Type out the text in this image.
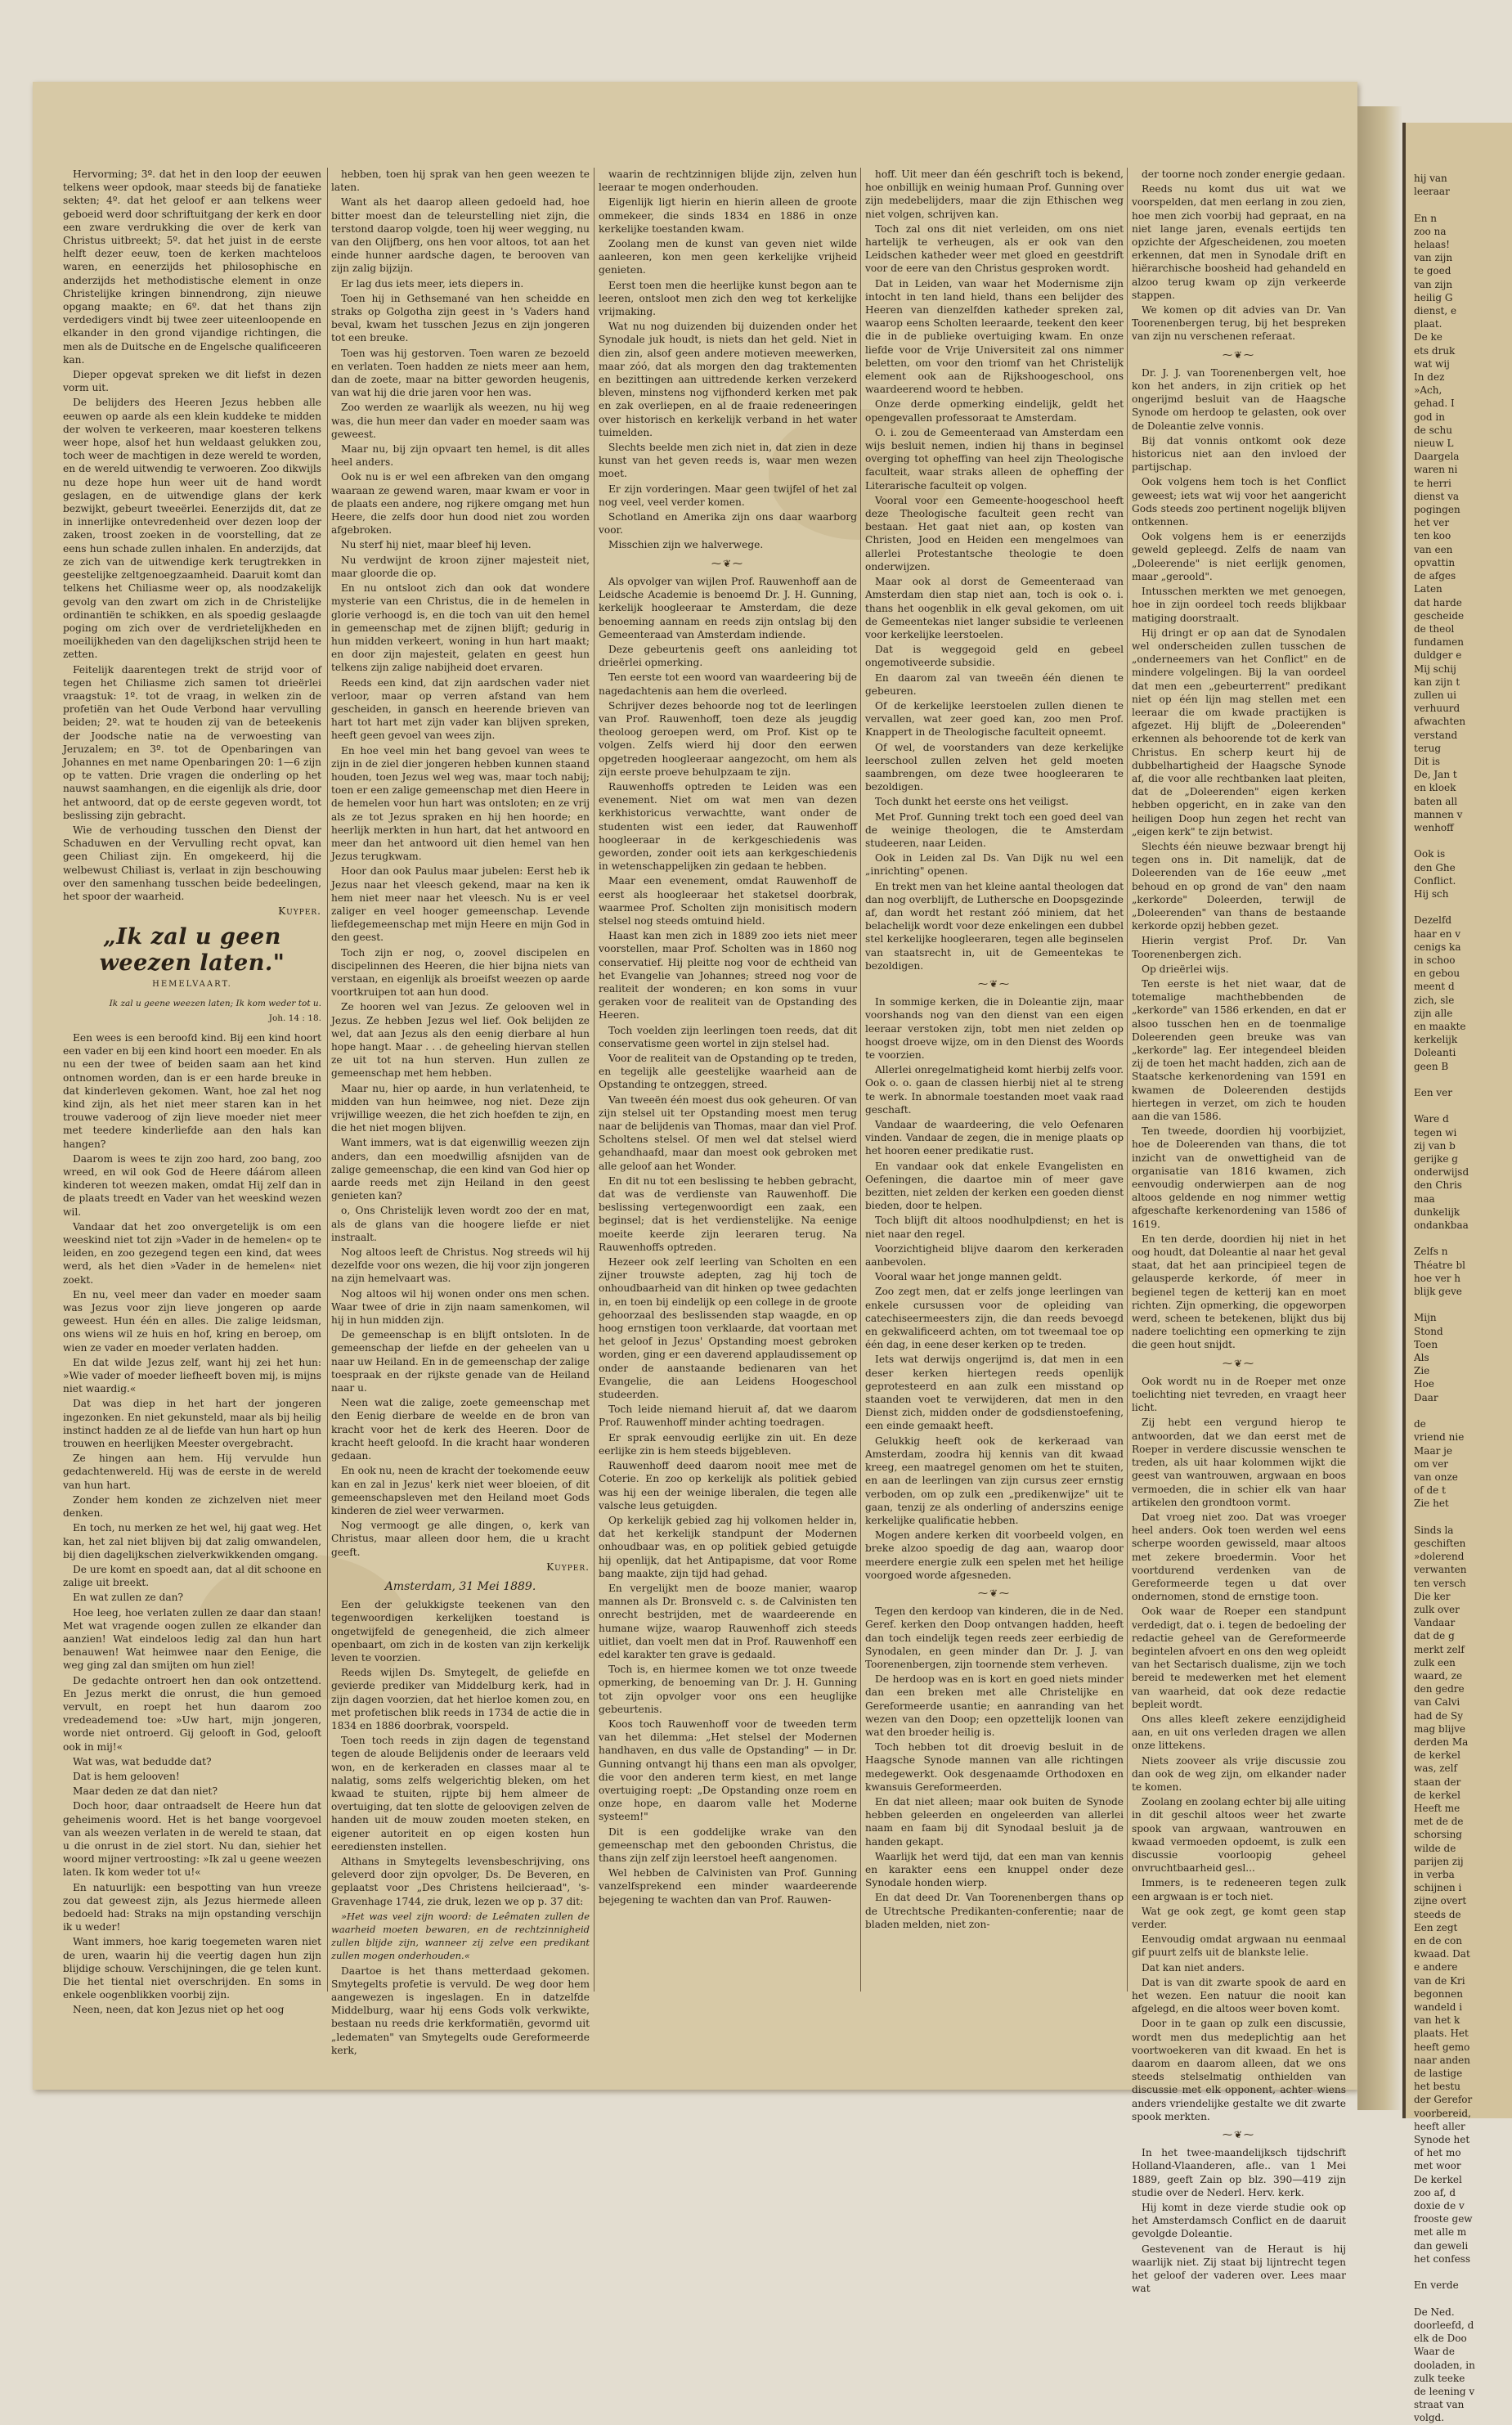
hij van
leeraar

En n
zoo na
helaas!
van zijn
te goed
van zijn
heilig G
dienst, e
plaat.
De ke
ets druk
wat wij
In dez
»Ach,
gehad. I
god in
de schu
nieuw L
Daargela
waren ni
te herri
dienst va
pogingen
het ver
ten koo
van een
opvattin
de afges
Laten
dat harde
gescheide
de theol
fundamen
duldger e
Mij schij
kan zijn t
zullen ui
verhuurd
afwachten
verstand
terug
Dit is
De, Jan t
en kloek
baten all
mannen v
wenhoff

Ook is
den Ghe
Conflict.
Hij sch

Dezelfd
haar en v
cenigs ka
in schoo
en gebou
meent d
zich, sle
zijn alle
en maakte
kerkelijk
Doleanti
geen B

Een ver

Ware d
tegen wi
zij van b
gerijke g
onderwijsd
den Chris
maa
dunkelijk
ondankbaa

Zelfs n
Théatre bl
hoe ver h
blijk geve

Mijn
Stond
Toen
Als
Zie
Hoe
Daar

de
vriend nie
Maar je
om ver
van onze
of de t
Zie het

Sinds la
geschiften
»dolerend
verwanten
ten versch
Die ker
zulk over
Vandaar
dat de g
merkt zelf
zulk een
waard, ze
den gedre
van Calvi
had de Sy
mag blijve
derden Ma
de kerkel
was, zelf
staan der
de kerkel
Heeft me
met de de
schorsing
wilde de
parijen zij
in verba
schijnen i
zijne overt
steeds de
Een zegt
en de con
kwaad. Dat
e andere
van de Kri
begonnen
wandeld i
van het k
plaats. Het
heeft gemo
naar anden
de lastige
het bestu
der Gerefor
voorbereid,
heeft aller
Synode het
of het mo
met woor
De kerkel
zoo af, d
doxie de v
frooste gew
met alle m
dan geweli
het confess

En verde

De Ned.
doorleefd, d
elk de Doo
Waar de
dooladen, in
zulk teeke
de leening v
straat van
volgd.

Hervorming; 3º. dat het in den loop der eeuwen telkens weer opdook, maar steeds bij de fanatieke sekten; 4º. dat het geloof er aan telkens weer geboeid werd door schriftuitgang der kerk en door een zware verdrukking die over de kerk van Christus uitbreekt; 5º. dat het juist in de eerste helft dezer eeuw, toen de kerken machteloos waren, en eenerzijds het philosophische en anderzijds het methodistische element in onze Christelijke kringen binnendrong, zijn nieuwe opgang maakte; en 6º. dat het thans zijn verdedigers vindt bij twee zeer uiteenloopende en elkander in den grond vijandige richtingen, die men als de Duitsche en de Engelsche qualificeeren kan.

Dieper opgevat spreken we dit liefst in dezen vorm uit.

De belijders des Heeren Jezus hebben alle eeuwen op aarde als een klein kuddeke te midden der wolven te verkeeren, maar koesteren telkens weer hope, alsof het hun weldaast gelukken zou, toch weer de machtigen in deze wereld te worden, en de wereld uitwendig te verwoeren. Zoo dikwijls nu deze hope hun weer uit de hand wordt geslagen, en de uitwendige glans der kerk bezwijkt, gebeurt tweeërlei. Eenerzijds dit, dat ze in innerlijke ontevredenheid over dezen loop der zaken, troost zoeken in de voorstelling, dat ze eens hun schade zullen inhalen. En anderzijds, dat ze zich van de uitwendige kerk terugtrekken in geestelijke zeltgenoegzaamheid. Daaruit komt dan telkens het Chiliasme weer op, als noodzakelijk gevolg van den zwart om zich in de Christelijke ordinantiën te schikken, en als spoedig geslaagde poging om zich over de verdrietelijkheden en moeilijkheden van den dagelijkschen strijd heen te zetten.

Feitelijk daarentegen trekt de strijd voor of tegen het Chiliasme zich samen tot drieërlei vraagstuk: 1º. tot de vraag, in welken zin de profetiën van het Oude Verbond haar vervulling beiden; 2º. wat te houden zij van de beteekenis der Joodsche natie na de verwoesting van Jeruzalem; en 3º. tot de Openbaringen van Johannes en met name Openbaringen 20: 1—6 zijn op te vatten. Drie vragen die onderling op het nauwst saamhangen, en die eigenlijk als drie, door het antwoord, dat op de eerste gegeven wordt, tot beslissing zijn gebracht.

Wie de verhouding tusschen den Dienst der Schaduwen en der Vervulling recht opvat, kan geen Chiliast zijn. En omgekeerd, hij die welbewust Chiliast is, verlaat in zijn beschouwing over den samenhang tusschen beide bedeelingen, het spoor der waarheid.

Kuyper.
„Ik zal u geen weezen laten."
HEMELVAART.
Ik zal u geene weezen laten; Ik kom weder tot u.
Joh. 14 : 18.

Een wees is een beroofd kind. Bij een kind hoort een vader en bij een kind hoort een moeder. En als nu een der twee of beiden saam aan het kind ontnomen worden, dan is er een harde breuke in dat kinderleven gekomen. Want, hoe zal het nog kind zijn, als het niet meer staren kan in het trouwe vaderoog of zijn lieve moeder niet meer met teedere kinderliefde aan den hals kan hangen?

Daarom is wees te zijn zoo hard, zoo bang, zoo wreed, en wil ook God de Heere dáárom alleen kinderen tot weezen maken, omdat Hij zelf dan in de plaats treedt en Vader van het weeskind wezen wil.

Vandaar dat het zoo onvergetelijk is om een weeskind niet tot zijn »Vader in de hemelen« op te leiden, en zoo gezegend tegen een kind, dat wees werd, als het dien »Vader in de hemelen« niet zoekt.

En nu, veel meer dan vader en moeder saam was Jezus voor zijn lieve jongeren op aarde geweest. Hun één en alles. Die zalige leidsman, ons wiens wil ze huis en hof, kring en beroep, om wien ze vader en moeder verlaten hadden.

En dat wilde Jezus zelf, want hij zei het hun: »Wie vader of moeder liefheeft boven mij, is mijns niet waardig.«

Dat was diep in het hart der jongeren ingezonken. En niet gekunsteld, maar als bij heilig instinct hadden ze al de liefde van hun hart op hun trouwen en heerlijken Meester overgebracht.

Ze hingen aan hem. Hij vervulde hun gedachtenwereld. Hij was de eerste in de wereld van hun hart.

Zonder hem konden ze zichzelven niet meer denken.

En toch, nu merken ze het wel, hij gaat weg. Het kan, het zal niet blijven bij dat zalig omwandelen, bij dien dagelijkschen zielverkwikkenden omgang.

De ure komt en spoedt aan, dat al dit schoone en zalige uit breekt.

En wat zullen ze dan?

Hoe leeg, hoe verlaten zullen ze daar dan staan! Met wat vragende oogen zullen ze elkander dan aanzien! Wat eindeloos ledig zal dan hun hart benauwen! Wat heimwee naar den Eenige, die weg ging zal dan smijten om hun ziel!

De gedachte ontroert hen dan ook ontzettend. En Jezus merkt die onrust, die hun gemoed vervult, en roept het hun daarom zoo vredeademend toe: »Uw hart, mijn jongeren, worde niet ontroerd. Gij gelooft in God, gelooft ook in mij!«

Wat was, wat bedudde dat?

Dat is hem gelooven!

Maar deden ze dat dan niet?

Doch hoor, daar ontraadselt de Heere hun dat geheimenis woord. Het is het bange voorgevoel van als weezen verlaten in de wereld te staan, dat u die onrust in de ziel stort. Nu dan, siehier het woord mijner vertroosting: »Ik zal u geene weezen laten. Ik kom weder tot u!«

En natuurlijk: een bespotting van hun vreeze zou dat geweest zijn, als Jezus hiermede alleen bedoeld had: Straks na mijn opstanding verschijn ik u weder!

Want immers, hoe karig toegemeten waren niet de uren, waarin hij die veertig dagen hun zijn blijdige schouw. Verschijningen, die ge telen kunt. Die het tiental niet overschrijden. En soms in enkele oogenblikken voorbij zijn.

Neen, neen, dat kon Jezus niet op het oog

hebben, toen hij sprak van hen geen weezen te laten.

Want als het daarop alleen gedoeld had, hoe bitter moest dan de teleurstelling niet zijn, die terstond daarop volgde, toen hij weer wegging, nu van den Olijfberg, ons hen voor altoos, tot aan het einde hunner aardsche dagen, te berooven van zijn zalig bijzijn.

Er lag dus iets meer, iets diepers in.

Toen hij in Gethsemané van hen scheidde en straks op Golgotha zijn geest in 's Vaders hand beval, kwam het tusschen Jezus en zijn jongeren tot een breuke.

Toen was hij gestorven. Toen waren ze bezoeld en verlaten. Toen hadden ze niets meer aan hem, dan de zoete, maar na bitter geworden heugenis, van wat hij die drie jaren voor hen was.

Zoo werden ze waarlijk als weezen, nu hij weg was, die hun meer dan vader en moeder saam was geweest.

Maar nu, bij zijn opvaart ten hemel, is dit alles heel anders.

Ook nu is er wel een afbreken van den omgang waaraan ze gewend waren, maar kwam er voor in de plaats een andere, nog rijkere omgang met hun Heere, die zelfs door hun dood niet zou worden afgebroken.

Nu sterf hij niet, maar bleef hij leven.

Nu verdwijnt de kroon zijner majesteit niet, maar gloorde die op.

En nu ontsloot zich dan ook dat wondere mysterie van een Christus, die in de hemelen in glorie verhoogd is, en die toch van uit den hemel in gemeenschap met de zijnen blijft; gedurig in hun midden verkeert, woning in hun hart maakt; en door zijn majesteit, gelaten en geest hun telkens zijn zalige nabijheid doet ervaren.

Reeds een kind, dat zijn aardschen vader niet verloor, maar op verren afstand van hem gescheiden, in gansch en heerende brieven van hart tot hart met zijn vader kan blijven spreken, heeft geen gevoel van wees zijn.

En hoe veel min het bang gevoel van wees te zijn in de ziel dier jongeren hebben kunnen staand houden, toen Jezus wel weg was, maar toch nabij; toen er een zalige gemeenschap met dien Heere in de hemelen voor hun hart was ontsloten; en ze vrij als ze tot Jezus spraken en hij hen hoorde; en heerlijk merkten in hun hart, dat het antwoord en meer dan het antwoord uit dien hemel van hen Jezus terugkwam.

Hoor dan ook Paulus maar jubelen: Eerst heb ik Jezus naar het vleesch gekend, maar na ken ik hem niet meer naar het vleesch. Nu is er veel zaliger en veel hooger gemeenschap. Levende liefdegemeenschap met mijn Heere en mijn God in den geest.

Toch zijn er nog, o, zoovel discipelen en discipelinnen des Heeren, die hier bijna niets van verstaan, en eigenlijk als broeifst weezen op aarde voortkruipen tot aan hun dood.

Ze hooren wel van Jezus. Ze gelooven wel in Jezus. Ze hebben Jezus wel lief. Ook belijden ze wel, dat aan Jezus als den eenig dierbare al hun hope hangt. Maar . . . de geheeling hiervan stellen ze uit tot na hun sterven. Hun zullen ze gemeenschap met hem hebben.

Maar nu, hier op aarde, in hun verlatenheid, te midden van hun heimwee, nog niet. Deze zijn vrijwillige weezen, die het zich hoefden te zijn, en die het niet mogen blijven.

Want immers, wat is dat eigenwillig weezen zijn anders, dan een moedwillig afsnijden van de zalige gemeenschap, die een kind van God hier op aarde reeds met zijn Heiland in den geest genieten kan?

o, Ons Christelijk leven wordt zoo der en mat, als de glans van die hoogere liefde er niet instraalt.

Nog altoos leeft de Christus. Nog streeds wil hij dezelfde voor ons wezen, die hij voor zijn jongeren na zijn hemelvaart was.

Nog altoos wil hij wonen onder ons men schen. Waar twee of drie in zijn naam samenkomen, wil hij in hun midden zijn.

De gemeenschap is en blijft ontsloten. In de gemeenschap der liefde en der geheelen van u naar uw Heiland. En in de gemeenschap der zalige toespraak en der rijkste genade van de Heiland naar u.

Neen wat die zalige, zoete gemeenschap met den Eenig dierbare de weelde en de bron van kracht voor het de kerk des Heeren. Door de kracht heeft geloofd. In die kracht haar wonderen gedaan.

En ook nu, neen de kracht der toekomende eeuw kan en zal in Jezus' kerk niet weer bloeien, of dit gemeenschapsleven met den Heiland moet Gods kinderen de ziel weer verwarmen.

Nog vermoogt ge alle dingen, o, kerk van Christus, maar alleen door hem, die u kracht geeft.

Kuyper.
Amsterdam, 31 Mei 1889.

Een der gelukkigste teekenen van den tegenwoordigen kerkelijken toestand is ongetwijfeld de genegenheid, die zich almeer openbaart, om zich in de kosten van zijn kerkelijk leven te voorzien.

Reeds wijlen Ds. Smytegelt, de geliefde en gevierde prediker van Middelburg kerk, had in zijn dagen voorzien, dat het hierloe komen zou, en met profetischen blik reeds in 1734 de actie die in 1834 en 1886 doorbrak, voorspeld.

Toen toch reeds in zijn dagen de tegenstand tegen de aloude Belijdenis onder de leeraars veld won, en de kerkeraden en classes maar al te nalatig, soms zelfs welgerichtig bleken, om het kwaad te stuiten, rijpte bij hem almeer de overtuiging, dat ten slotte de geloovigen zelven de handen uit de mouw zouden moeten steken, en eigener autoriteit en op eigen kosten hun eerediensten instellen.

Althans in Smytegelts levensbeschrijving, ons geleverd door zijn opvolger, Ds. De Beveren, en geplaatst voor „Des Christens heilcieraad", 's-Gravenhage 1744, zie druk, lezen we op p. 37 dit:

»Het was veel zijn woord: de Leêmaten zullen de waarheid moeten bewaren, en de rechtzinnigheid zullen blijde zijn, wanneer zij zelve een predikant zullen mogen onderhouden.«

Daartoe is het thans metterdaad gekomen. Smytegelts profetie is vervuld. De weg door hem aangewezen is ingeslagen. En in datzelfde Middelburg, waar hij eens Gods volk verkwikte, bestaan nu reeds drie kerkformatiën, gevormd uit „ledematen" van Smytegelts oude Gereformeerde kerk,

waarin de rechtzinnigen blijde zijn, zelven hun leeraar te mogen onderhouden.

Eigenlijk ligt hierin en hierin alleen de groote ommekeer, die sinds 1834 en 1886 in onze kerkelijke toestanden kwam.

Zoolang men de kunst van geven niet wilde aanleeren, kon men geen kerkelijke vrijheid genieten.

Eerst toen men die heerlijke kunst begon aan te leeren, ontsloot men zich den weg tot kerkelijke vrijmaking.

Wat nu nog duizenden bij duizenden onder het Synodale juk houdt, is niets dan het geld. Niet in dien zin, alsof geen andere motieven meewerken, maar zóó, dat als morgen den dag traktementen en bezittingen aan uittredende kerken verzekerd bleven, minstens nog vijfhonderd kerken met pak en zak overliepen, en al de fraaie redeneeringen over historisch en kerkelijk verband in het water tuimelden.

Slechts beelde men zich niet in, dat zien in deze kunst van het geven reeds is, waar men wezen moet.

Er zijn vorderingen. Maar geen twijfel of het zal nog veel, veel verder komen.

Schotland en Amerika zijn ons daar waarborg voor.

Misschien zijn we halverwege.

⁓❦⁓

Als opvolger van wijlen Prof. Rauwenhoff aan de Leidsche Academie is benoemd Dr. J. H. Gunning, kerkelijk hoogleeraar te Amsterdam, die deze benoeming aannam en reeds zijn ontslag bij den Gemeenteraad van Amsterdam indiende.

Deze gebeurtenis geeft ons aanleiding tot drieërlei opmerking.

Ten eerste tot een woord van waardeering bij de nagedachtenis aan hem die overleed.

Schrijver dezes behoorde nog tot de leerlingen van Prof. Rauwenhoff, toen deze als jeugdig theoloog geroepen werd, om Prof. Kist op te volgen. Zelfs wierd hij door den eerwen opgetreden hoogleeraar aangezocht, om hem als zijn eerste proeve behulpzaam te zijn.

Rauwenhoffs optreden te Leiden was een evenement. Niet om wat men van dezen kerkhistoricus verwachtte, want onder de studenten wist een ieder, dat Rauwenhoff hoogleeraar in de kerkgeschiedenis was geworden, zonder ooit iets aan kerkgeschiedenis in wetenschappelijken zin gedaan te hebben.

Maar een evenement, omdat Rauwenhoff de eerst als hoogleeraar het staketsel doorbrak, waarmee Prof. Scholten zijn monisitisch modern stelsel nog steeds omtuind hield.

Haast kan men zich in 1889 zoo iets niet meer voorstellen, maar Prof. Scholten was in 1860 nog conservatief. Hij pleitte nog voor de echtheid van het Evangelie van Johannes; streed nog voor de realiteit der wonderen; en kon soms in vuur geraken voor de realiteit van de Opstanding des Heeren.

Toch voelden zijn leerlingen toen reeds, dat dit conservatisme geen wortel in zijn stelsel had.

Voor de realiteit van de Opstanding op te treden, en tegelijk alle geestelijke waarheid aan de Opstanding te ontzeggen, streed.

Van tweeën één moest dus ook geheuren. Of van zijn stelsel uit ter Opstanding moest men terug naar de belijdenis van Thomas, maar dan viel Prof. Scholtens stelsel. Of men wel dat stelsel wierd gehandhaafd, maar dan moest ook gebroken met alle geloof aan het Wonder.

En dit nu tot een beslissing te hebben gebracht, dat was de verdienste van Rauwenhoff. Die beslissing vertegenwoordigt een zaak, een beginsel; dat is het verdienstelijke. Na eenige moeite keerde zijn leeraren terug. Na Rauwenhoffs optreden.

Hezeer ook zelf leerling van Scholten en een zijner trouwste adepten, zag hij toch de onhoudbaarheid van dit hinken op twee gedachten in, en toen bij eindelijk op een college in de groote gehoorzaal des beslissenden stap waagde, en op hoog ernstigen toon verklaarde, dat voortaan met het geloof in Jezus' Opstanding moest gebroken worden, ging er een daverend applaudissement op onder de aanstaande bedienaren van het Evangelie, die aan Leidens Hoogeschool studeerden.

Toch leide niemand hieruit af, dat we daarom Prof. Rauwenhoff minder achting toedragen.

Er sprak eenvoudig eerlijke zin uit. En deze eerlijke zin is hem steeds bijgebleven.

Rauwenhoff deed daarom nooit mee met de Coterie. En zoo op kerkelijk als politiek gebied was hij een der weinige liberalen, die tegen alle valsche leus getuigden.

Op kerkelijk gebied zag hij volkomen helder in, dat het kerkelijk standpunt der Modernen onhoudbaar was, en op politiek gebied getuigde hij openlijk, dat het Antipapisme, dat voor Rome bang maakte, zijn tijd had gehad.

En vergelijkt men de booze manier, waarop mannen als Dr. Bronsveld c. s. de Calvinisten ten onrecht bestrijden, met de waardeerende en humane wijze, waarop Rauwenhoff zich steeds uitliet, dan voelt men dat in Prof. Rauwenhoff een edel karakter ten grave is gedaald.

Toch is, en hiermee komen we tot onze tweede opmerking, de benoeming van Dr. J. H. Gunning tot zijn opvolger voor ons een heuglijke gebeurtenis.

Koos toch Rauwenhoff voor de tweeden term van het dilemma: „Het stelsel der Modernen handhaven, en dus valle de Opstanding" — in Dr. Gunning ontvangt hij thans een man als opvolger, die voor den anderen term kiest, en met lange overtuiging roept: „De Opstanding onze roem en onze hope, en daarom valle het Moderne systeem!"

Dit is een goddelijke wrake van den gemeenschap met den geboonden Christus, die thans zijn zelf zijn leerstoel heeft aangenomen.

Wel hebben de Calvinisten van Prof. Gunning vanzelfsprekend een minder waardeerende bejegening te wachten dan van Prof. Rauwen-

hoff. Uit meer dan één geschrift toch is bekend, hoe onbillijk en weinig humaan Prof. Gunning over zijn medebelijders, maar die zijn Ethischen weg niet volgen, schrijven kan.

Toch zal ons dit niet verleiden, om ons niet hartelijk te verheugen, als er ook van den Leidschen katheder weer met gloed en geestdrift voor de eere van den Christus gesproken wordt.

Dat in Leiden, van waar het Modernisme zijn intocht in ten land hield, thans een belijder des Heeren van dienzelfden katheder spreken zal, waarop eens Scholten leeraarde, teekent den keer die in de publieke overtuiging kwam. En onze liefde voor de Vrije Universiteit zal ons nimmer beletten, om voor den triomf van het Christelijk element ook aan de Rijkshoogeschool, ons waardeerend woord te hebben.

Onze derde opmerking eindelijk, geldt het opengevallen professoraat te Amsterdam.

O. i. zou de Gemeenteraad van Amsterdam een wijs besluit nemen, indien hij thans in beginsel overging tot opheffing van heel zijn Theologische faculteit, waar straks alleen de opheffing der Literarische faculteit op volgen.

Vooral voor een Gemeente-hoogeschool heeft deze Theologische faculteit geen recht van bestaan. Het gaat niet aan, op kosten van Christen, Jood en Heiden een mengelmoes van allerlei Protestantsche theologie te doen onderwijzen.

Maar ook al dorst de Gemeenteraad van Amsterdam dien stap niet aan, toch is ook o. i. thans het oogenblik in elk geval gekomen, om uit de Gemeentekas niet langer subsidie te verleenen voor kerkelijke leerstoelen.

Dat is weggegoid geld en gebeel ongemotiveerde subsidie.

En daarom zal van tweeën één dienen te gebeuren.

Of de kerkelijke leerstoelen zullen dienen te vervallen, wat zeer goed kan, zoo men Prof. Knappert in de Theologische faculteit opneemt.

Of wel, de voorstanders van deze kerkelijke leerschool zullen zelven het geld moeten saambrengen, om deze twee hoogleeraren te bezoldigen.

Toch dunkt het eerste ons het veiligst.

Met Prof. Gunning trekt toch een goed deel van de weinige theologen, die te Amsterdam studeeren, naar Leiden.

Ook in Leiden zal Ds. Van Dijk nu wel een „inrichting" openen.

En trekt men van het kleine aantal theologen dat dan nog overblijft, de Luthersche en Doopsgezinde af, dan wordt het restant zóó miniem, dat het belachelijk wordt voor deze enkelingen een dubbel stel kerkelijke hoogleeraren, tegen alle beginselen van staatsrecht in, uit de Gemeentekas te bezoldigen.

⁓❦⁓

In sommige kerken, die in Doleantie zijn, maar voorshands nog van den dienst van een eigen leeraar verstoken zijn, tobt men niet zelden op hoogst droeve wijze, om in den Dienst des Woords te voorzien.

Allerlei onregelmatigheid komt hierbij zelfs voor. Ook o. o. gaan de classen hierbij niet al te streng te werk. In abnormale toestanden moet vaak raad geschaft.

Vandaar de waardeering, die velo Oefenaren vinden. Vandaar de zegen, die in menige plaats op het hooren eener predikatie rust.

En vandaar ook dat enkele Evangelisten en Oefeningen, die daartoe min of meer gave bezitten, niet zelden der kerken een goeden dienst bieden, door te helpen.

Toch blijft dit altoos noodhulpdienst; en het is niet naar den regel.

Voorzichtigheid blijve daarom den kerkeraden aanbevolen.

Vooral waar het jonge mannen geldt.

Zoo zegt men, dat er zelfs jonge leerlingen van enkele cursussen voor de opleiding van catechiseermeesters zijn, die dan reeds bevoegd en gekwalificeerd achten, om tot tweemaal toe op één dag, in eene deser kerken op te treden.

Iets wat derwijs ongerijmd is, dat men in een deser kerken hiertegen reeds openlijk geprotesteerd en aan zulk een misstand op staanden voet te verwijderen, dat men in den Dienst zich, midden onder de godsdienstoefening, een einde gemaakt heeft.

Gelukkig heeft ook de kerkeraad van Amsterdam, zoodra hij kennis van dit kwaad kreeg, een maatregel genomen om het te stuiten, en aan de leerlingen van zijn cursus zeer ernstig verboden, om op zulk een „predikenwijze" uit te gaan, tenzij ze als onderling of anderszins eenige kerkelijke qualificatie hebben.

Mogen andere kerken dit voorbeeld volgen, en breke alzoo spoedig de dag aan, waarop door meerdere energie zulk een spelen met het heilige voorgoed worde afgesneden.

⁓❦⁓

Tegen den kerdoop van kinderen, die in de Ned. Geref. kerken den Doop ontvangen hadden, heeft dan toch eindelijk tegen reeds zeer eerbiedig de Synodalen, en geen minder dan Dr. J. J. van Toorenenbergen, zijn toornende stem verheven.

De herdoop was en is kort en goed niets minder dan een breken met alle Christelijke en Gereformeerde usantie; en aanranding van het wezen van den Doop; een opzettelijk loonen van wat den broeder heilig is.

Toch hebben tot dit droevig besluit in de Haagsche Synode mannen van alle richtingen medegewerkt. Ook desgenaamde Orthodoxen en kwansuis Gereformeerden.

En dat niet alleen; maar ook buiten de Synode hebben geleerden en ongeleerden van allerlei naam en faam bij dit Synodaal besluit ja de handen gekapt.

Waarlijk het werd tijd, dat een man van kennis en karakter eens een knuppel onder deze Synodale honden wierp.

En dat deed Dr. Van Toorenenbergen thans op de Utrechtsche Predikanten-conferentie; naar de bladen melden, niet zon-

der toorne noch zonder energie gedaan.

Reeds nu komt dus uit wat we voorspelden, dat men eerlang in zou zien, hoe men zich voorbij had gepraat, en na niet lange jaren, evenals eertijds ten opzichte der Afgescheidenen, zou moeten erkennen, dat men in Synodale drift en hiërarchische boosheid had gehandeld en alzoo terug kwam op zijn verkeerde stappen.

We komen op dit advies van Dr. Van Toorenenbergen terug, bij het bespreken van zijn nu verschenen referaat.

⁓❦⁓

Dr. J. J. van Toorenenbergen velt, hoe kon het anders, in zijn critiek op het ongerijmd besluit van de Haagsche Synode om herdoop te gelasten, ook over de Doleantie zelve vonnis.

Bij dat vonnis ontkomt ook deze historicus niet aan den invloed der partijschap.

Ook volgens hem toch is het Conflict geweest; iets wat wij voor het aangericht Gods steeds zoo pertinent nogelijk blijven ontkennen.

Ook volgens hem is er eenerzijds geweld gepleegd. Zelfs de naam van „Doleerende" is niet eerlijk genomen, maar „geroold".

Intusschen merkten we met genoegen, hoe in zijn oordeel toch reeds blijkbaar matiging doorstraalt.

Hij dringt er op aan dat de Synodalen wel onderscheiden zullen tusschen de „onderneemers van het Conflict" en de mindere volgelingen. Bij la van oordeel dat men een „gebeurterrent" predikant niet op één lijn mag stellen met een leeraar die om kwade practijken is afgezet. Hij blijft de „Doleerenden" erkennen als behoorende tot de kerk van Christus. En scherp keurt hij de dubbelhartigheid der Haagsche Synode af, die voor alle rechtbanken laat pleiten, dat de „Doleerenden" eigen kerken hebben opgericht, en in zake van den heiligen Doop hun zegen het recht van „eigen kerk" te zijn betwist.

Slechts één nieuwe bezwaar brengt hij tegen ons in. Dit namelijk, dat de Doleerenden van de 16e eeuw „met behoud en op grond de van" den naam „kerkorde" Doleerden, terwijl de „Doleerenden" van thans de bestaande kerkorde opzij hebben gezet.

Hierin vergist Prof. Dr. Van Toorenenbergen zich.

Op drieërlei wijs.

Ten eerste is het niet waar, dat de totemalige machthebbenden de „kerkorde" van 1586 erkenden, en dat er alsoo tusschen hen en de toenmalige Doleerenden geen breuke was van „kerkorde" lag. Eer integendeel bleiden zij de toen het macht hadden, zich aan de Staatsche kerkenordening van 1591 en kwamen de Doleerenden destijds hiertegen in verzet, om zich te houden aan die van 1586.

Ten tweede, doordien hij voorbijziet, hoe de Doleerenden van thans, die tot inzicht van de onwettigheid van de organisatie van 1816 kwamen, zich eenvoudig onderwierpen aan de nog altoos geldende en nog nimmer wettig afgeschafte kerkenordening van 1586 of 1619.

En ten derde, doordien hij niet in het oog houdt, dat Doleantie al naar het geval staat, dat het aan principieel tegen de gelausperde kerkorde, óf meer in begienel tegen de ketterij kan en moet richten. Zijn opmerking, die opgeworpen werd, scheen te betekenen, blijkt dus bij nadere toelichting een opmerking te zijn die geen hout snijdt.

⁓❦⁓

Ook wordt nu in de Roeper met onze toelichting niet tevreden, en vraagt heer licht.

Zij hebt een vergund hierop te antwoorden, dat we dan eerst met de Roeper in verdere discussie wenschen te treden, als uit haar kolommen wijkt die geest van wantrouwen, argwaan en boos vermoeden, die in schier elk van haar artikelen den grondtoon vormt.

Dat vroeg niet zoo. Dat was vroeger heel anders. Ook toen werden wel eens scherpe woorden gewisseld, maar altoos met zekere broedermin. Voor het voortdurend verdenken van de Gereformeerde tegen u dat over ondernomen, stond de ernstige toon.

Ook waar de Roeper een standpunt verdedigt, dat o. i. tegen de bedoeling der redactie geheel van de Gereformeerde begintelen afvoert en ons den weg opleidt van het Sectarisch dualisme, zijn we toch bereid te medewerken met het element van waarheid, dat ook deze redactie bepleit wordt.

Ons alles kleeft zekere eenzijdigheid aan, en uit ons verleden dragen we allen onze littekens.

Niets zooveer als vrije discussie zou dan ook de weg zijn, om elkander nader te komen.

Zoolang en zoolang echter bij alle uiting in dit geschil altoos weer het zwarte spook van argwaan, wantrouwen en kwaad vermoeden opdoemt, is zulk een discussie voorloopig geheel onvruchtbaarheid gesl...

Immers, is te redeneeren tegen zulk een argwaan is er toch niet.

Wat ge ook zegt, ge komt geen stap verder.

Eenvoudig omdat argwaan nu eenmaal gif puurt zelfs uit de blankste lelie.

Dat kan niet anders.

Dat is van dit zwarte spook de aard en het wezen. Een natuur die nooit kan afgelegd, en die altoos weer boven komt.

Door in te gaan op zulk een discussie, wordt men dus medeplichtig aan het voortwoekeren van dit kwaad. En het is daarom en daarom alleen, dat we ons steeds stelselmatig onthielden van discussie met elk opponent, achter wiens anders vriendelijke gestalte we dit zwarte spook merkten.

⁓❦⁓

In het twee-maandelijksch tijdschrift Holland-Vlaanderen, afle.. van 1 Mei 1889, geeft Zain op blz. 390—419 zijn studie over de Nederl. Herv. kerk.

Hij komt in deze vierde studie ook op het Amsterdamsch Conflict en de daaruit gevolgde Doleantie.

Gestevenent van de Heraut is hij waarlijk niet. Zij staat bij lijntrecht tegen het geloof der vaderen over. Lees maar wat
